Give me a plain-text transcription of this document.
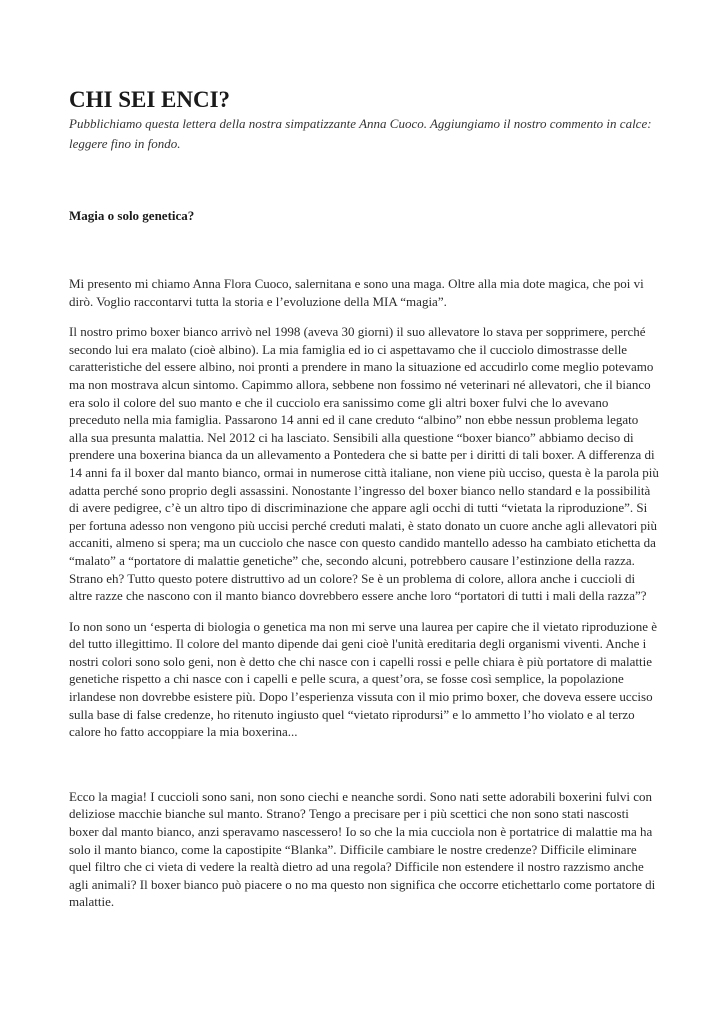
CHI SEI ENCI?

Pubblichiamo questa lettera della nostra simpatizzante Anna Cuoco. Aggiungiamo il nostro commento in calce: leggere fino in fondo.

Magia o solo genetica?

Mi presento mi chiamo Anna Flora Cuoco, salernitana e sono una maga. Oltre alla mia dote magica, che poi vi dirò. Voglio raccontarvi tutta la storia e l’evoluzione della MIA “magia”.

Il nostro primo boxer bianco arrivò nel 1998 (aveva 30 giorni) il suo allevatore lo stava per sopprimere, perché secondo lui era malato (cioè albino). La mia famiglia ed io ci aspettavamo che il cucciolo dimostrasse delle caratteristiche del essere albino, noi pronti a prendere in mano la situazione ed accudirlo come meglio potevamo ma non mostrava alcun sintomo. Capimmo allora, sebbene non fossimo né veterinari né allevatori, che il bianco era solo il colore del suo manto e che il cucciolo era sanissimo come gli altri boxer fulvi che lo avevano preceduto nella mia famiglia. Passarono 14 anni ed il cane creduto “albino” non ebbe nessun problema legato alla sua presunta malattia. Nel 2012 ci ha lasciato. Sensibili alla questione “boxer bianco” abbiamo deciso di prendere una boxerina bianca da un allevamento a Pontedera che si batte per i diritti di tali boxer. A differenza di 14 anni fa il boxer dal manto bianco, ormai in numerose città italiane, non viene più ucciso, questa è la parola più adatta perché sono proprio degli assassini. Nonostante l’ingresso del boxer bianco nello standard e la possibilità di avere pedigree, c’è un altro tipo di discriminazione che appare agli occhi di tutti “vietata la riproduzione”. Si per fortuna adesso non vengono più uccisi perché creduti malati, è stato donato un cuore anche agli allevatori più accaniti, almeno si spera; ma un cucciolo che nasce con questo candido mantello adesso ha cambiato etichetta da “malato” a “portatore di malattie genetiche” che, secondo alcuni, potrebbero causare l’estinzione della razza. Strano eh? Tutto questo potere distruttivo ad un colore? Se è un problema di colore, allora anche i cuccioli di altre razze che nascono con il manto bianco dovrebbero essere anche loro “portatori di tutti i mali della razza”?

Io non sono un ‘esperta di biologia o genetica ma non mi serve una laurea per capire che il vietato riproduzione è del tutto illegittimo. Il colore del manto dipende dai geni cioè l'unità ereditaria degli organismi viventi. Anche i nostri colori sono solo geni, non è detto che chi nasce con i capelli rossi e pelle chiara è più portatore di malattie genetiche rispetto a chi nasce con i capelli e pelle scura, a quest’ora, se fosse così semplice, la popolazione irlandese non dovrebbe esistere più. Dopo l’esperienza vissuta con il mio primo boxer, che doveva essere ucciso sulla base di false credenze, ho ritenuto ingiusto quel “vietato riprodursi” e lo ammetto l’ho violato e al terzo calore ho fatto accoppiare la mia boxerina...

Ecco la magia! I cuccioli sono sani, non sono ciechi e neanche sordi. Sono nati sette adorabili boxerini fulvi con deliziose macchie bianche sul manto. Strano? Tengo a precisare per i più scettici che non sono stati nascosti boxer dal manto bianco, anzi speravamo nascessero! Io so che la mia cucciola non è portatrice di malattie ma ha solo il manto bianco, come la capostipite “Blanka”. Difficile cambiare le nostre credenze? Difficile eliminare quel filtro che ci vieta di vedere la realtà dietro ad una regola? Difficile non estendere il nostro razzismo anche agli animali? Il boxer bianco può piacere o no ma questo non significa che occorre etichettarlo come portatore di malattie.
